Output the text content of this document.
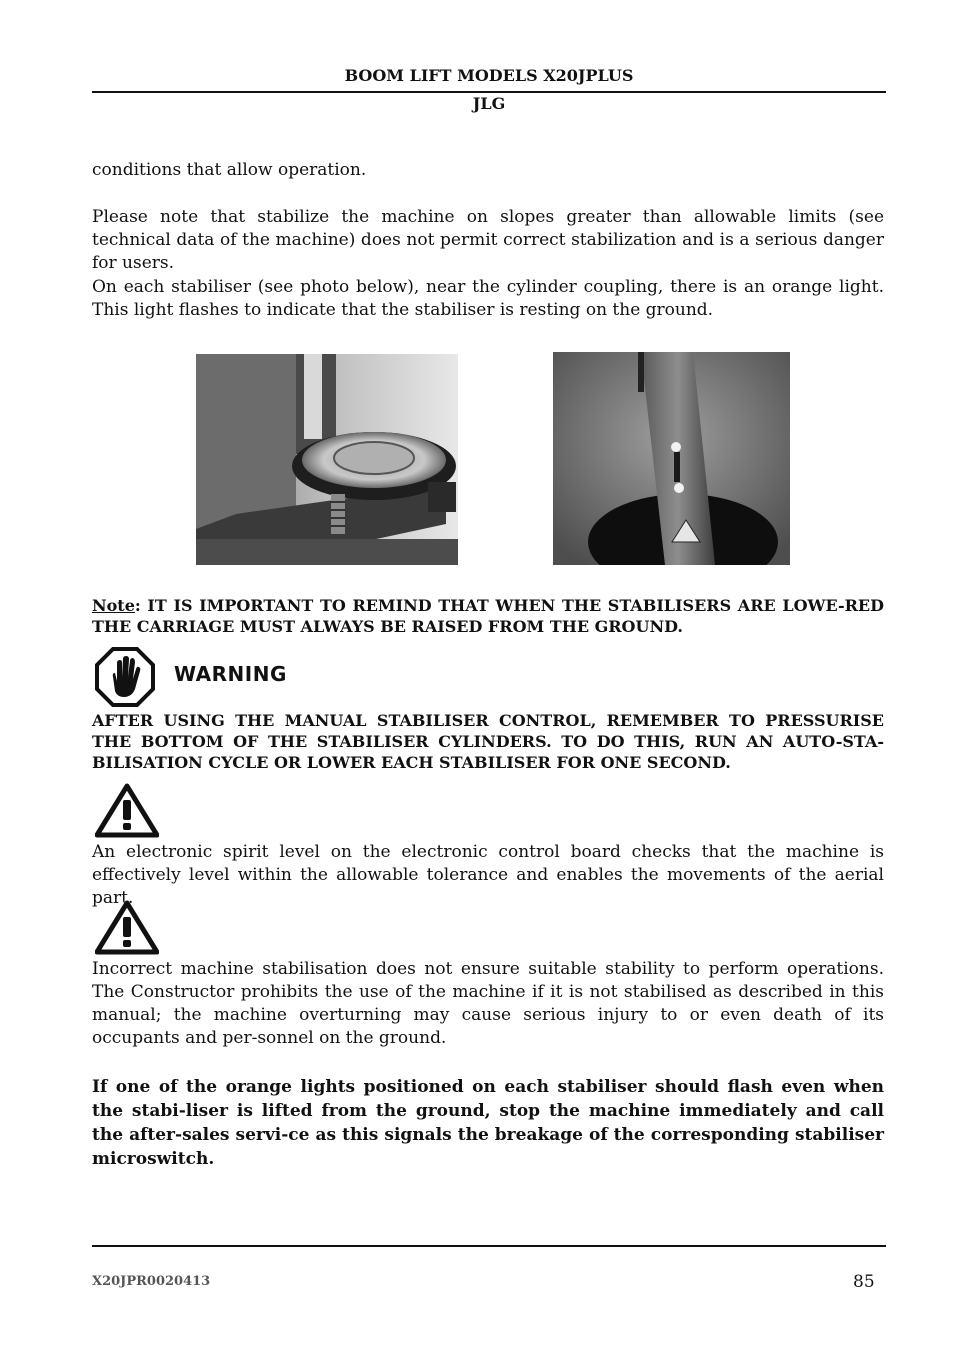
BOOM LIFT MODELS X20JPLUS
JLG
conditions that allow operation.
Please note that stabilize the machine on slopes greater than allowable limits (see technical data of the machine) does not permit correct stabilization and is a serious danger for users.
On each stabiliser (see photo below), near the cylinder coupling, there is an orange light. This light flashes to indicate that the stabiliser is resting on the ground.
Note: IT IS IMPORTANT TO REMIND THAT WHEN THE STABILISERS ARE LOWE-RED THE CARRIAGE MUST ALWAYS BE RAISED FROM THE GROUND.
WARNING
AFTER USING THE MANUAL STABILISER CONTROL, REMEMBER TO PRESSURISE THE BOTTOM OF THE STABILISER CYLINDERS. TO DO THIS, RUN AN AUTO-STA-BILISATION CYCLE OR LOWER EACH STABILISER FOR ONE SECOND.
An electronic spirit level on the electronic control board checks that the machine is effectively level within the allowable tolerance and enables the movements of the aerial part.
Incorrect machine stabilisation does not ensure suitable stability to perform operations. The Constructor prohibits the use of the machine if it is not stabilised as described in this manual; the machine overturning may cause serious injury to or even death of its occupants and per-sonnel on the ground.
If one of the orange lights positioned on each stabiliser should flash even when the stabi-liser is lifted from the ground, stop the machine immediately and call the after-sales servi-ce as this signals the breakage of the corresponding stabiliser microswitch.
X20JPR0020413	85
